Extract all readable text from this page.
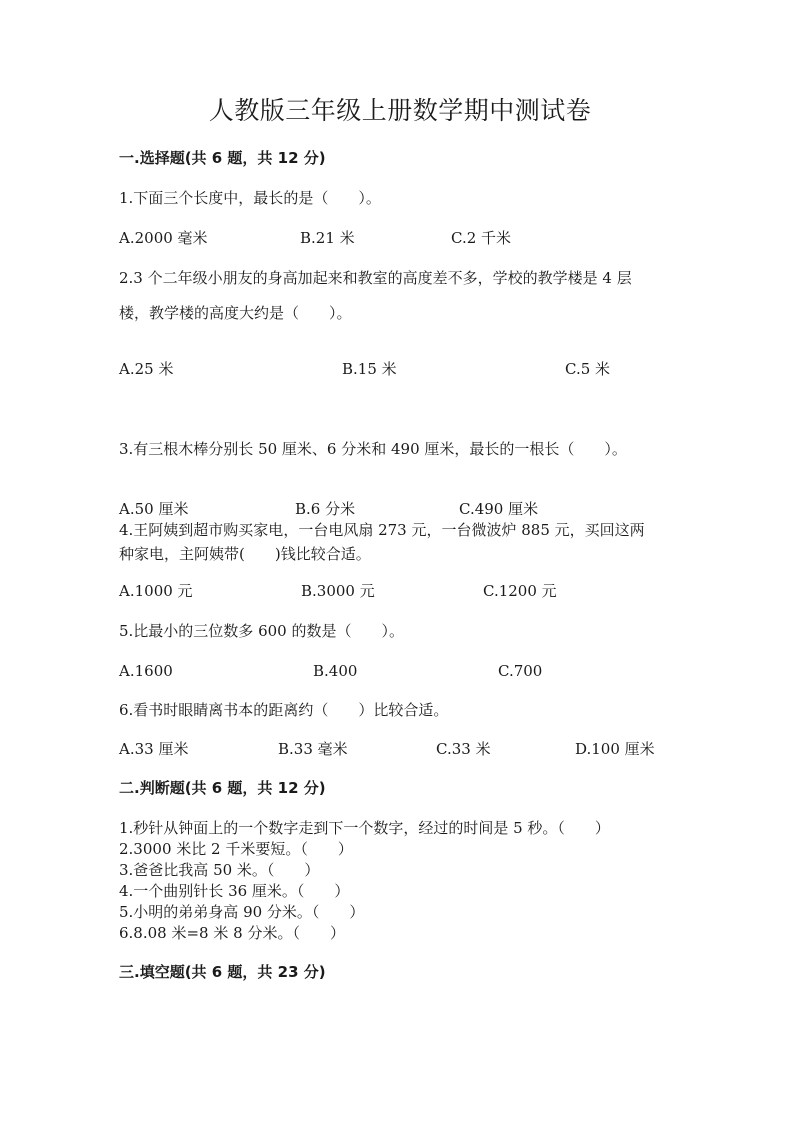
人教版三年级上册数学期中测试卷
一.选择题(共 6 题，共 12 分)
1.下面三个长度中，最长的是（　　）。
A.2000 毫米	B.21 米	C.2 千米
2.3 个二年级小朋友的身高加起来和教室的高度差不多，学校的教学楼是 4 层
楼，教学楼的高度大约是（　　）。
A.25 米	B.15 米	C.5 米
3.有三根木棒分别长 50 厘米、6 分米和 490 厘米，最长的一根长（　　）。
A.50 厘米	B.6 分米	C.490 厘米
4.王阿姨到超市购买家电，一台电风扇 273 元，一台微波炉 885 元，买回这两
种家电，主阿姨带(　　)钱比较合适。
A.1000 元	B.3000 元	C.1200 元
5.比最小的三位数多 600 的数是（　　）。
A.1600	B.400	C.700
6.看书时眼睛离书本的距离约（　　）比较合适。
A.33 厘米	B.33 毫米	C.33 米	D.100 厘米
二.判断题(共 6 题，共 12 分)
1.秒针从钟面上的一个数字走到下一个数字，经过的时间是 5 秒。（　　）
2.3000 米比 2 千米要短。（　　）
3.爸爸比我高 50 米。（　　）
4.一个曲别针长 36 厘米。（　　）
5.小明的弟弟身高 90 分米。（　　）
6.8.08 米=8 米 8 分米。（　　）
三.填空题(共 6 题，共 23 分)
